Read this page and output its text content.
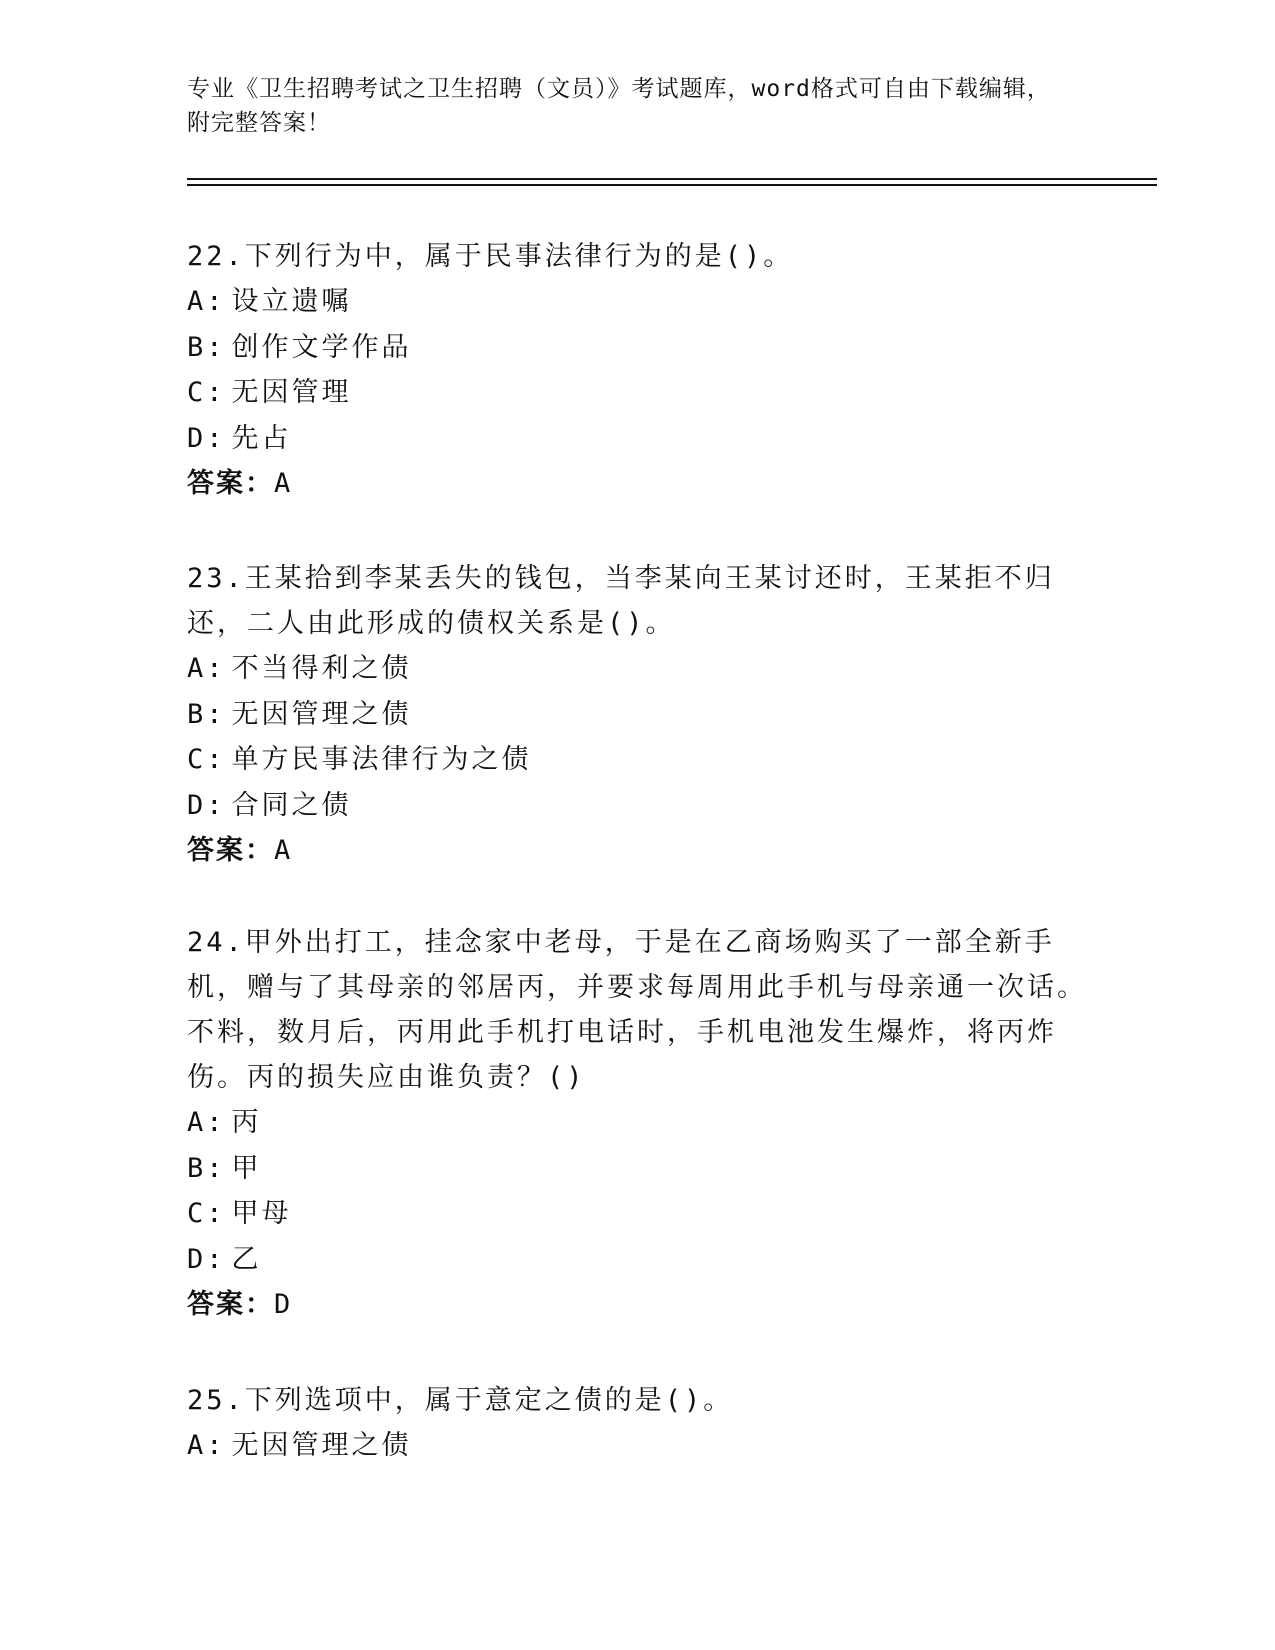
专业《卫生招聘考试之卫生招聘（文员）》考试题库，word格式可自由下载编辑，附完整答案！

22.下列行为中，属于民事法律行为的是()。

A: 设立遗嘱

B: 创作文学作品

C: 无因管理

D: 先占

答案：A

23.王某拾到李某丢失的钱包，当李某向王某讨还时，王某拒不归还，二人由此形成的债权关系是()。

A: 不当得利之债

B: 无因管理之债

C: 单方民事法律行为之债

D: 合同之债

答案：A

24.甲外出打工，挂念家中老母，于是在乙商场购买了一部全新手机，赠与了其母亲的邻居丙，并要求每周用此手机与母亲通一次话。不料，数月后，丙用此手机打电话时，手机电池发生爆炸，将丙炸伤。丙的损失应由谁负责？()

A: 丙

B: 甲

C: 甲母

D: 乙

答案：D

25.下列选项中，属于意定之债的是()。

A: 无因管理之债
